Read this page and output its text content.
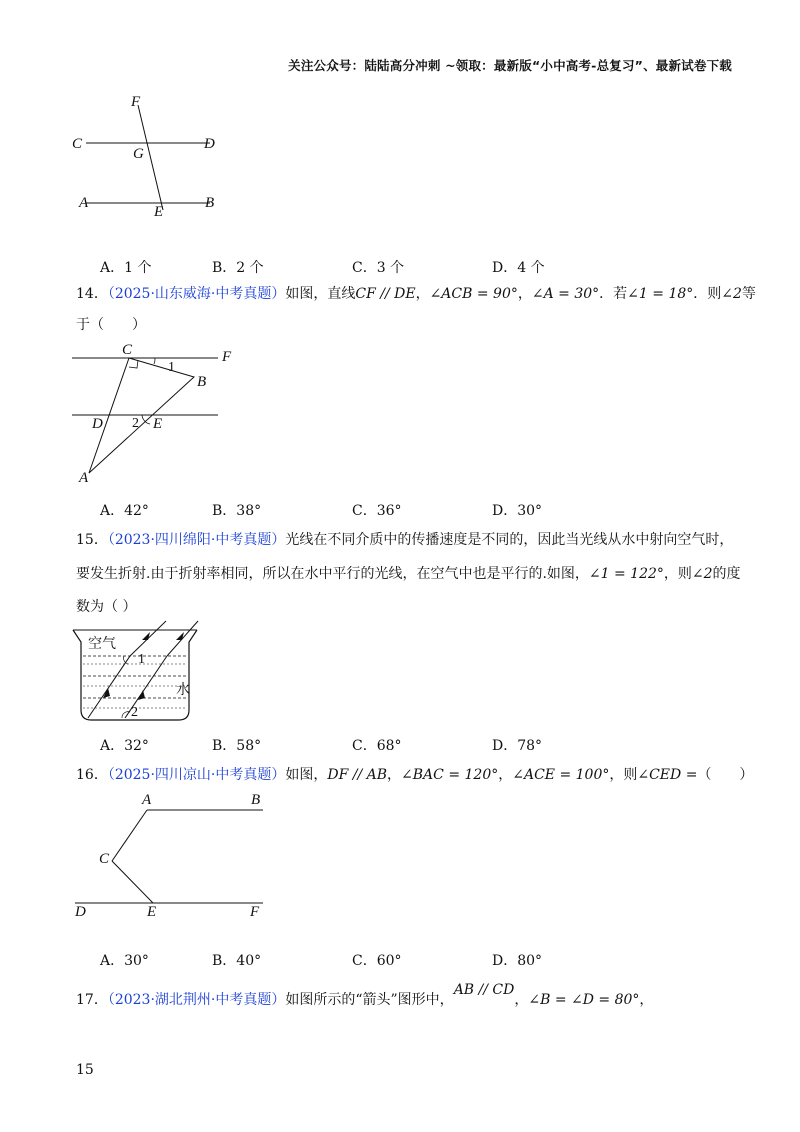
关注公众号：陆陆高分冲刺 ~领取：最新版“小中高考-总复习”、最新试卷下载
F
C
G
D
A
E
B
A．1 个	B．2 个	C．3 个	D．4 个
14．（2025·山东威海·中考真题）如图，直线CF // DE，∠ACB = 90°，∠A = 30°．若∠1 = 18°．则∠2等
于（　　）
C	F
1
B
D 2 E
A
A．42°	B．38°	C．36°	D．30°
15．（2023·四川绵阳·中考真题）光线在不同介质中的传播速度是不同的，因此当光线从水中射向空气时，
要发生折射.由于折射率相同，所以在水中平行的光线，在空气中也是平行的.如图，∠1 = 122°，则∠2的度
数为（ ）
空气
水
1
2
A．32°	B．58°	C．68°	D．78°
16．（2025·四川凉山·中考真题）如图，DF // AB，∠BAC = 120°，∠ACE = 100°，则∠CED =（　　）
A	B
C
D	E	F
A．30°	B．40°	C．60°	D．80°
17．（2023·湖北荆州·中考真题）如图所示的“箭头”图形中，AB // CD，∠B = ∠D = 80°，
15
